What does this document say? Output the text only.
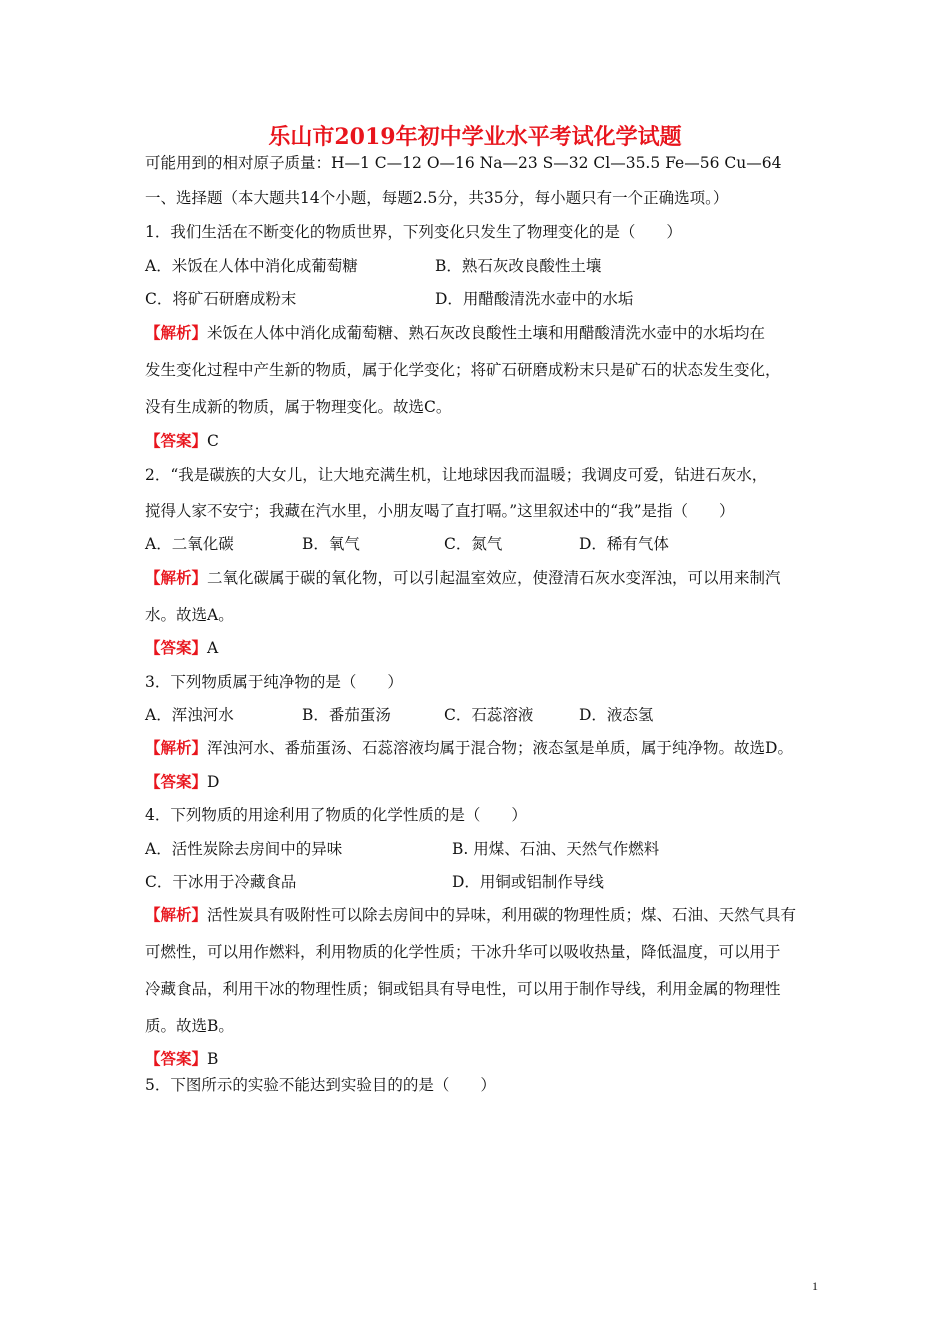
乐山市2019年初中学业水平考试化学试题
可能用到的相对原子质量：H—1 C—12 O—16 Na—23 S—32 Cl—35.5 Fe—56 Cu—64
一、选择题（本大题共14个小题，每题2.5分，共35分，每小题只有一个正确选项。）
1．我们生活在不断变化的物质世界，下列变化只发生了物理变化的是（　　）
A．米饭在人体中消化成葡萄糖	B．熟石灰改良酸性土壤
C．将矿石研磨成粉末	D．用醋酸清洗水壶中的水垢
【解析】米饭在人体中消化成葡萄糖、熟石灰改良酸性土壤和用醋酸清洗水壶中的水垢均在
发生变化过程中产生新的物质，属于化学变化；将矿石研磨成粉末只是矿石的状态发生变化，
没有生成新的物质，属于物理变化。故选C。
【答案】C
2．“我是碳族的大女儿，让大地充满生机，让地球因我而温暖；我调皮可爱，钻进石灰水，
搅得人家不安宁；我藏在汽水里，小朋友喝了直打嗝。”这里叙述中的“我”是指（　　）
A．二氧化碳	B．氧气	C．氮气	D．稀有气体
【解析】二氧化碳属于碳的氧化物，可以引起温室效应，使澄清石灰水变浑浊，可以用来制汽
水。故选A。
【答案】A
3．下列物质属于纯净物的是（　　）
A．浑浊河水	B．番茄蛋汤	C．石蕊溶液	D．液态氢
【解析】浑浊河水、番茄蛋汤、石蕊溶液均属于混合物；液态氢是单质，属于纯净物。故选D。
【答案】D
4．下列物质的用途利用了物质的化学性质的是（　　）
A．活性炭除去房间中的异味	B. 用煤、石油、天然气作燃料
C．干冰用于冷藏食品	D．用铜或铝制作导线
【解析】活性炭具有吸附性可以除去房间中的异味，利用碳的物理性质；煤、石油、天然气具有
可燃性，可以用作燃料，利用物质的化学性质；干冰升华可以吸收热量，降低温度，可以用于
冷藏食品，利用干冰的物理性质；铜或铝具有导电性，可以用于制作导线，利用金属的物理性
质。故选B。
【答案】B
5．下图所示的实验不能达到实验目的的是（　　）
1
